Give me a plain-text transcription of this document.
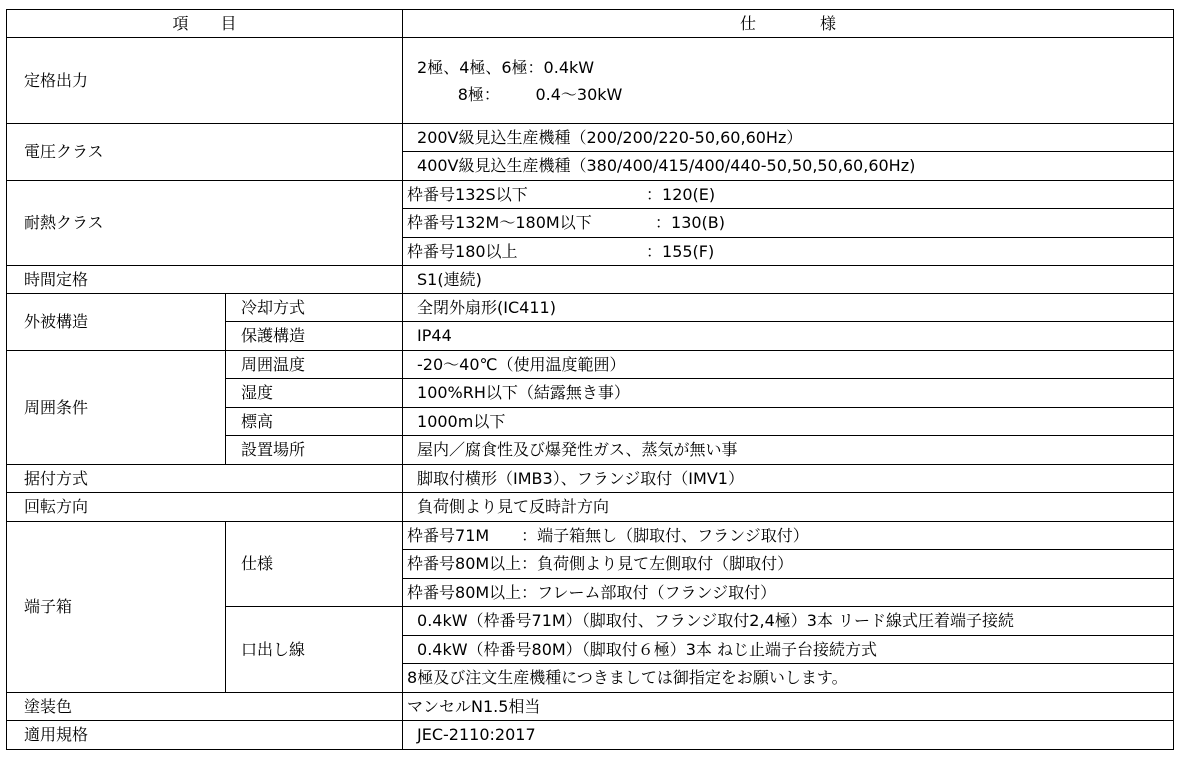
項　　目		仕　　　　様
定格出力		2極、4極、6極：0.4kW
8極：       0.4～30kW

電圧クラス		200V級見込生産機種（200/200/220-50,60,60Hz）
		400V級見込生産機種（380/400/415/400/440-50,50,50,60,60Hz)
耐熱クラス		枠番号132S以下 ：120(E)
		枠番号132M～180M以下 ：130(B)
		枠番号180以上 ：155(F)
時間定格		S1(連続)
外被構造	冷却方式	全閉外扇形(IC411)
	保護構造	IP44
周囲条件	周囲温度	-20～40℃（使用温度範囲）
	湿度	100%RH以下（結露無き事）
	標高	1000m以下
	設置場所	屋内／腐食性及び爆発性ガス、蒸気が無い事
据付方式		脚取付横形（IMB3）、フランジ取付（IMV1）
回転方向		負荷側より見て反時計方向
端子箱	仕様	枠番号71M　　：端子箱無し（脚取付、フランジ取付）
		枠番号80M以上：負荷側より見て左側取付（脚取付）
		枠番号80M以上：フレーム部取付（フランジ取付）
	口出し線	0.4kW（枠番号71M）（脚取付、フランジ取付2,4極）3本 リード線式圧着端子接続
		0.4kW（枠番号80M）（脚取付６極）3本 ねじ止端子台接続方式
		8極及び注文生産機種につきましては御指定をお願いします。
塗装色		マンセルN1.5相当
適用規格		JEC-2110:2017
